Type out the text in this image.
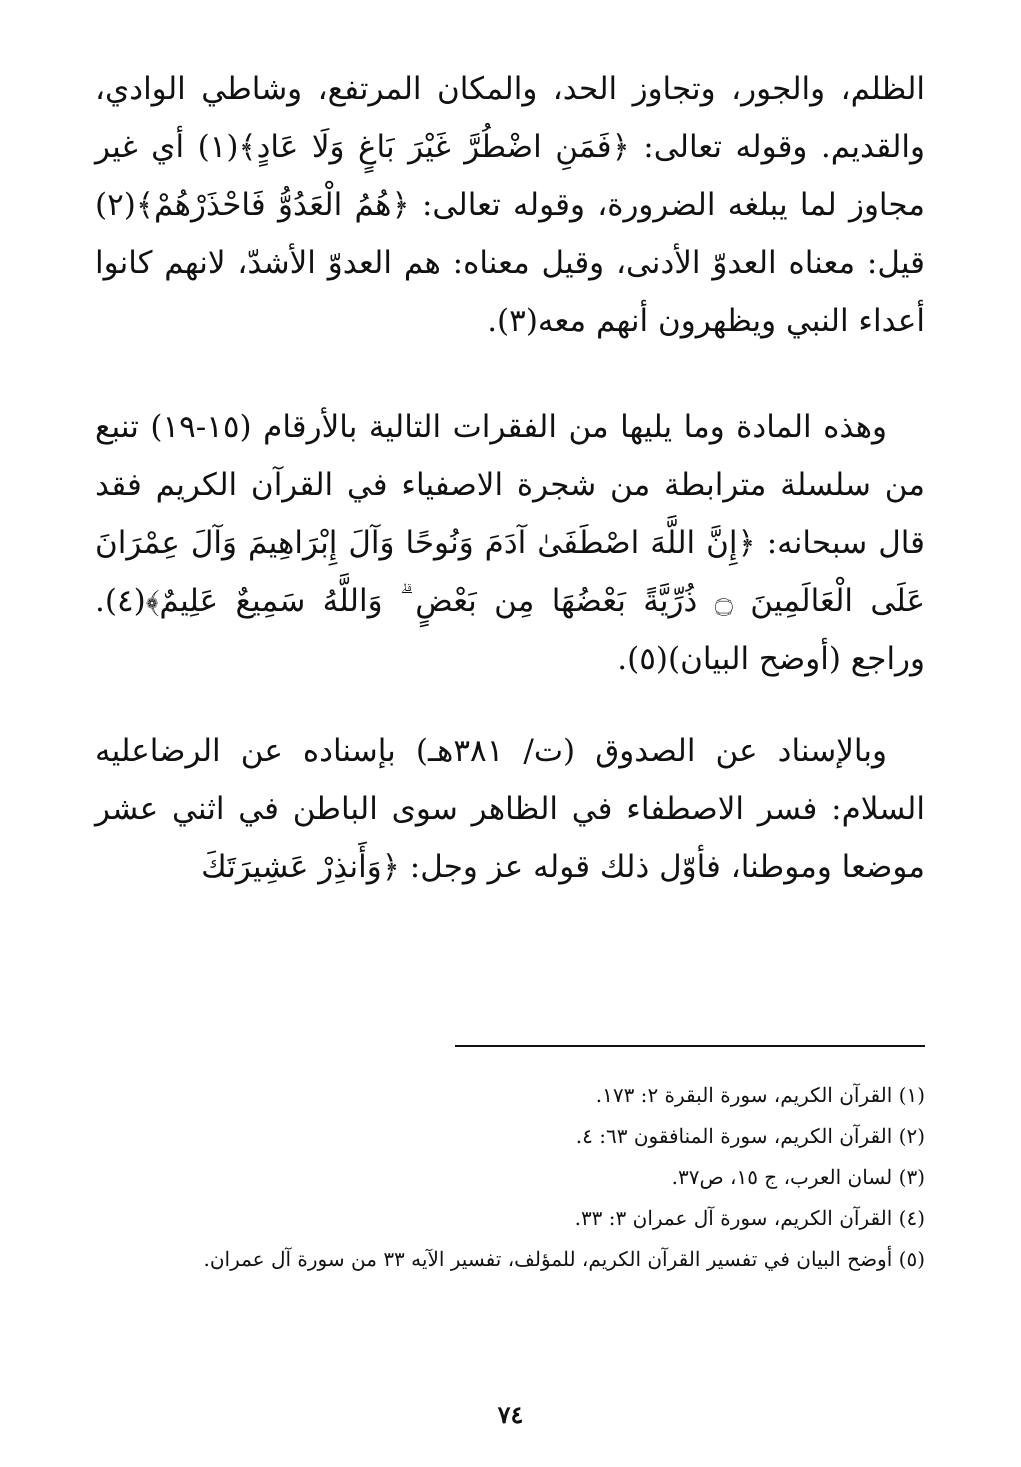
الظلم، والجور، وتجاوز الحد، والمكان المرتفع، وشاطي الوادي، والقديم. وقوله تعالى: ﴿فَمَنِ اضْطُرَّ غَيْرَ بَاغٍ وَلَا عَادٍ﴾(١) أي غير مجاوز لما يبلغه الضرورة، وقوله تعالى: ﴿هُمُ الْعَدُوُّ فَاحْذَرْهُمْ﴾(٢) قيل: معناه العدوّ الأدنى، وقيل معناه: هم العدوّ الأشدّ، لانهم كانوا أعداء النبي ويظهرون أنهم معه(٣).

وهذه المادة وما يليها من الفقرات التالية بالأرقام (١٥-١٩) تنبع من سلسلة مترابطة من شجرة الاصفياء في القرآن الكريم فقد قال سبحانه: ﴿إِنَّ اللَّهَ اصْطَفَىٰ آدَمَ وَنُوحًا وَآلَ إِبْرَاهِيمَ وَآلَ عِمْرَانَ عَلَى الْعَالَمِينَ ۝ ذُرِّيَّةً بَعْضُهَا مِن بَعْضٍ ۗ وَاللَّهُ سَمِيعٌ عَلِيمٌ﴾(٤). وراجع (أوضح البيان)(٥).

وبالإسناد عن الصدوق (ت/ ٣٨١هـ) بإسناده عن الرضاعليه السلام: فسر الاصطفاء في الظاهر سوى الباطن في اثني عشر موضعا وموطنا، فأوّل ذلك قوله عز وجل: ﴿وَأَنذِرْ عَشِيرَتَكَ

(١) القرآن الكريم، سورة البقرة ٢: ١٧٣.

(٢) القرآن الكريم، سورة المنافقون ٦٣: ٤.

(٣) لسان العرب، ج ١٥، ص٣٧.

(٤) القرآن الكريم، سورة آل عمران ٣: ٣٣.

(٥) أوضح البيان في تفسير القرآن الكريم، للمؤلف، تفسير الآيه ٣٣ من سورة آل عمران.

٧٤
